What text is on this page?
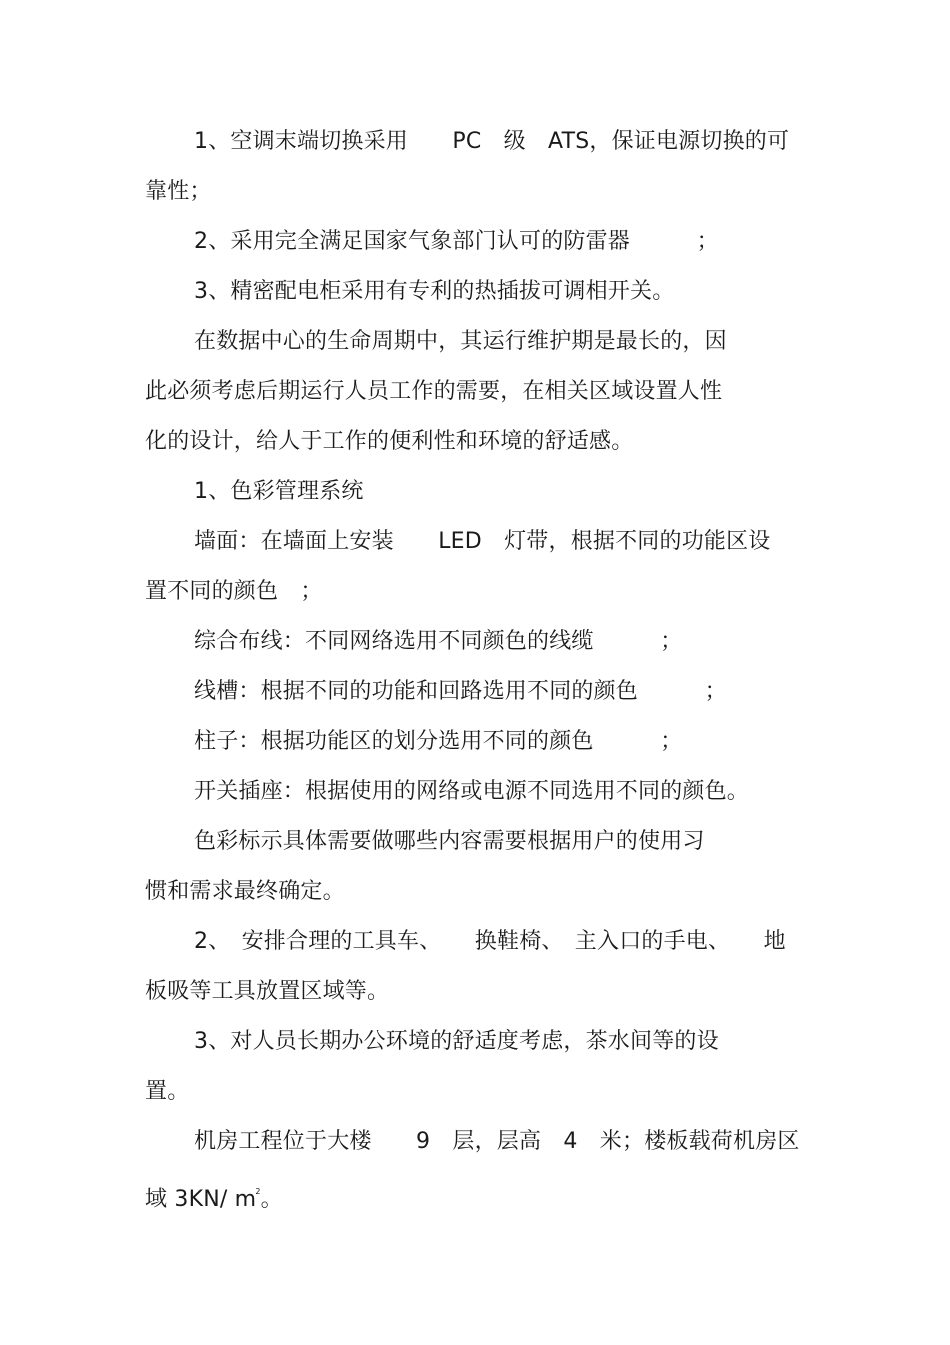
1、空调末端切换采用　　PC　级　ATS，保证电源切换的可
靠性；
2、采用完全满足国家气象部门认可的防雷器　　　；
3、精密配电柜采用有专利的热插拔可调相开关。
在数据中心的生命周期中，其运行维护期是最长的，因
此必须考虑后期运行人员工作的需要，在相关区域设置人性
化的设计，给人于工作的便利性和环境的舒适感。
1、色彩管理系统
墙面：在墙面上安装　　LED　灯带，根据不同的功能区设
置不同的颜色　；
综合布线：不同网络选用不同颜色的线缆　　　；
线槽：根据不同的功能和回路选用不同的颜色　　　；
柱子：根据功能区的划分选用不同的颜色　　　；
开关插座：根据使用的网络或电源不同选用不同的颜色。
色彩标示具体需要做哪些内容需要根据用户的使用习
惯和需求最终确定。
2、　安排合理的工具车、　　换鞋椅、　主入口的手电、　　地
板吸等工具放置区域等。
3、对人员长期办公环境的舒适度考虑，茶水间等的设
置。
机房工程位于大楼　　9　层，层高　4　米；楼板载荷机房区
域 3KN/ $m^2$。
